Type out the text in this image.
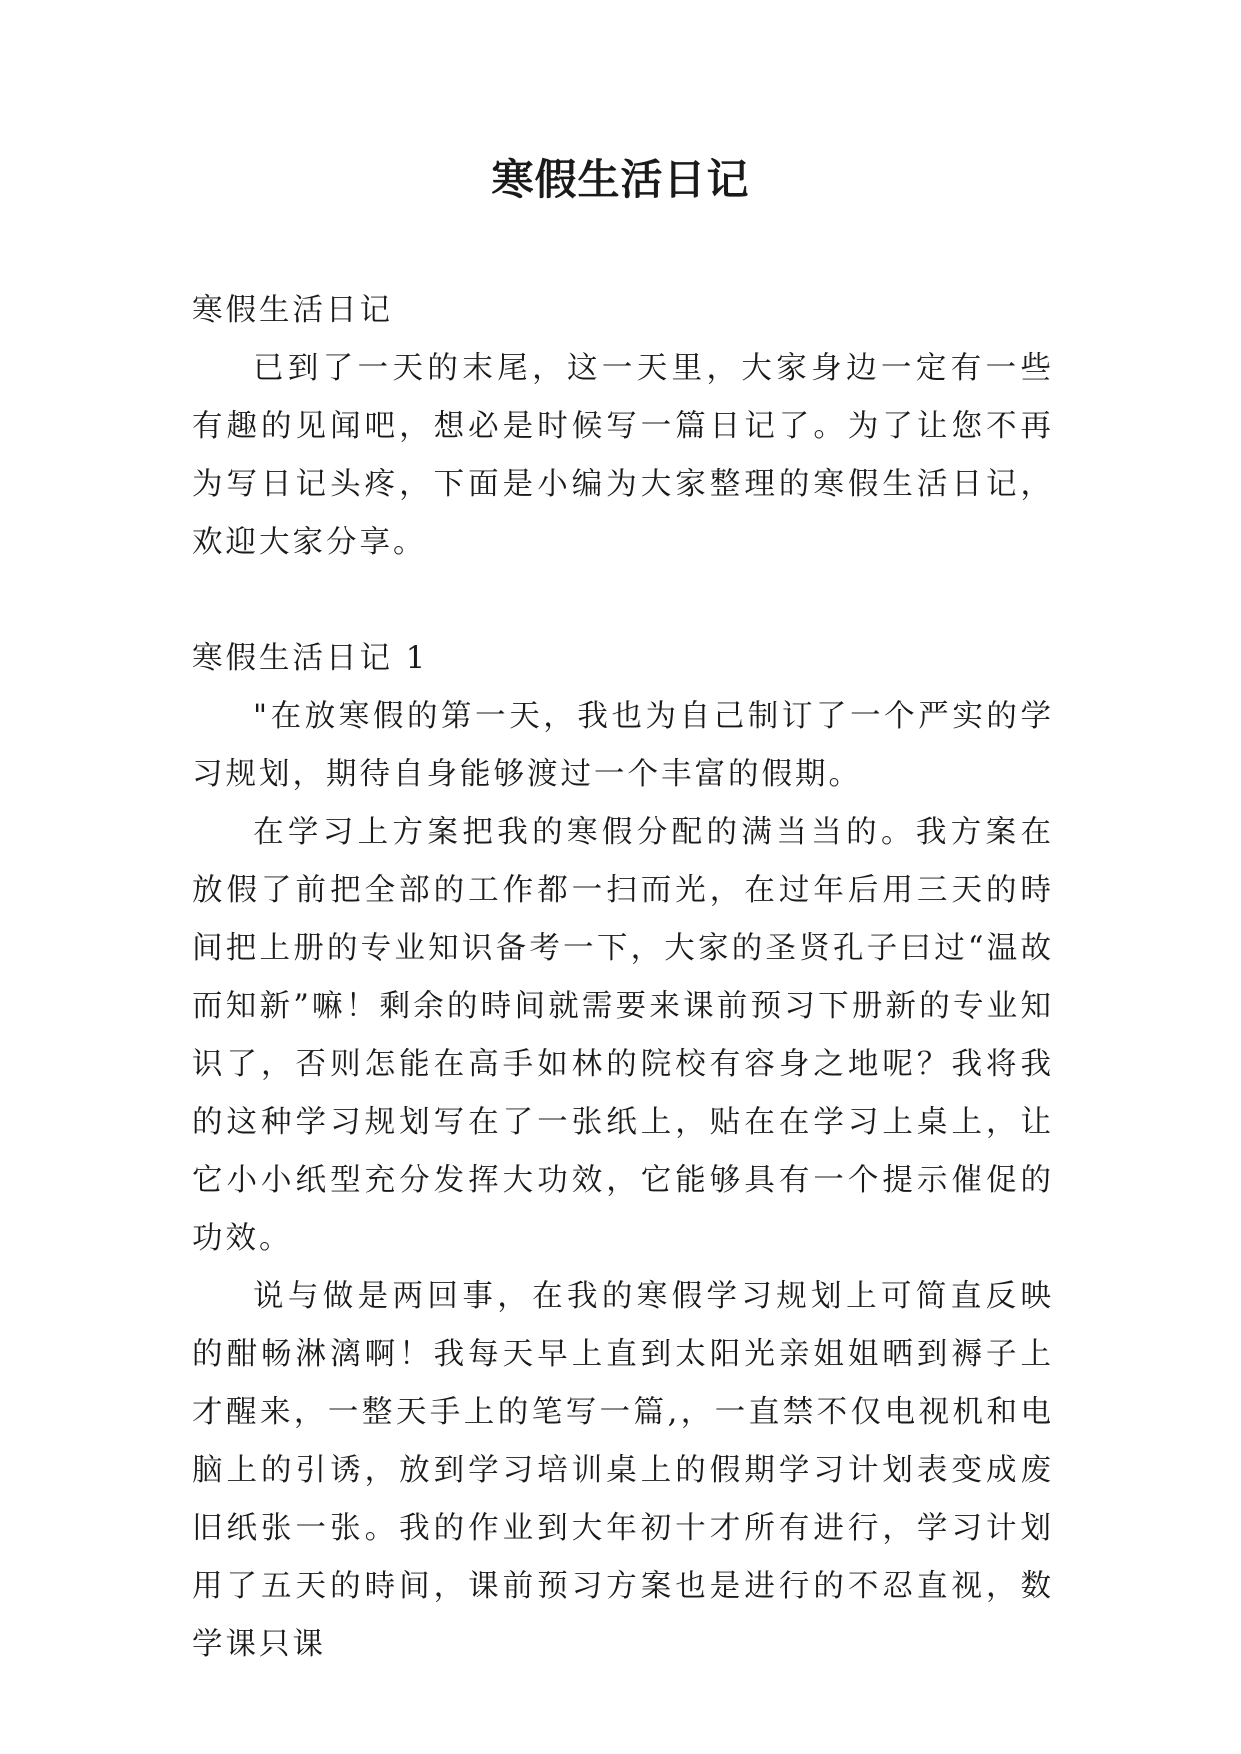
寒假生活日记

寒假生活日记

已到了一天的末尾，这一天里，大家身边一定有一些有趣的见闻吧，想必是时候写一篇日记了。为了让您不再为写日记头疼，下面是小编为大家整理的寒假生活日记，欢迎大家分享。

寒假生活日记 1

"在放寒假的第一天，我也为自己制订了一个严实的学习规划，期待自身能够渡过一个丰富的假期。

在学习上方案把我的寒假分配的满当当的。我方案在放假了前把全部的工作都一扫而光，在过年后用三天的時间把上册的专业知识备考一下，大家的圣贤孔子曰过“温故而知新”嘛！剩余的時间就需要来课前预习下册新的专业知识了，否则怎能在高手如林的院校有容身之地呢？我将我的这种学习规划写在了一张纸上，贴在在学习上桌上，让它小小纸型充分发挥大功效，它能够具有一个提示催促的功效。

说与做是两回事，在我的寒假学习规划上可简直反映的酣畅淋漓啊！我每天早上直到太阳光亲姐姐晒到褥子上才醒来，一整天手上的笔写一篇,，一直禁不仅电视机和电脑上的引诱，放到学习培训桌上的假期学习计划表变成废旧纸张一张。我的作业到大年初十才所有进行，学习计划用了五天的時间，课前预习方案也是进行的不忍直视，数学课只课
